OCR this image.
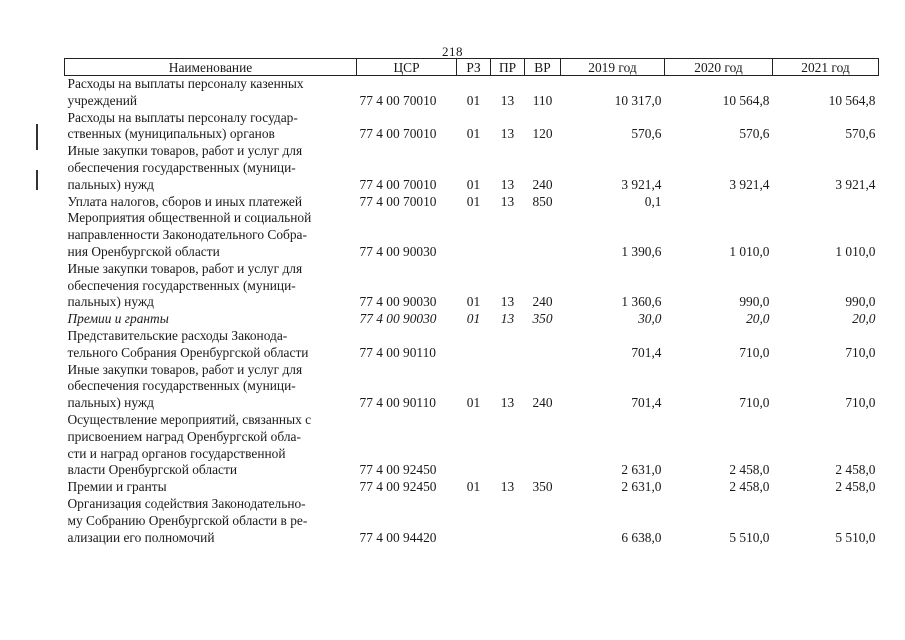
218
Наименование	ЦСР	РЗ	ПР	ВР	2019 год	2020 год	2021 год
Расходы на выплаты персоналу казенных
учреждений	77 4 00 70010	01	13	110	10 317,0	10 564,8	10 564,8
Расходы на выплаты персоналу государ-
ственных (муниципальных) органов	77 4 00 70010	01	13	120	570,6	570,6	570,6
Иные закупки товаров, работ и услуг для
обеспечения государственных (муници-
пальных) нужд	77 4 00 70010	01	13	240	3 921,4	3 921,4	3 921,4
Уплата налогов, сборов и иных платежей	77 4 00 70010	01	13	850	0,1		
Мероприятия общественной и социальной
направленности Законодательного Собра-
ния Оренбургской области	77 4 00 90030				1 390,6	1 010,0	1 010,0
Иные закупки товаров, работ и услуг для
обеспечения государственных (муници-
пальных) нужд	77 4 00 90030	01	13	240	1 360,6	990,0	990,0
Премии и гранты	77 4 00 90030	01	13	350	30,0	20,0	20,0
Представительские расходы Законода-
тельного Собрания Оренбургской области	77 4 00 90110				701,4	710,0	710,0
Иные закупки товаров, работ и услуг для
обеспечения государственных (муници-
пальных) нужд	77 4 00 90110	01	13	240	701,4	710,0	710,0
Осуществление мероприятий, связанных с
присвоением наград Оренбургской обла-
сти и наград органов государственной
власти Оренбургской области	77 4 00 92450				2 631,0	2 458,0	2 458,0
Премии и гранты	77 4 00 92450	01	13	350	2 631,0	2 458,0	2 458,0
Организация содействия Законодательно-
му Собранию Оренбургской области в ре-
ализации его полномочий	77 4 00 94420				6 638,0	5 510,0	5 510,0
